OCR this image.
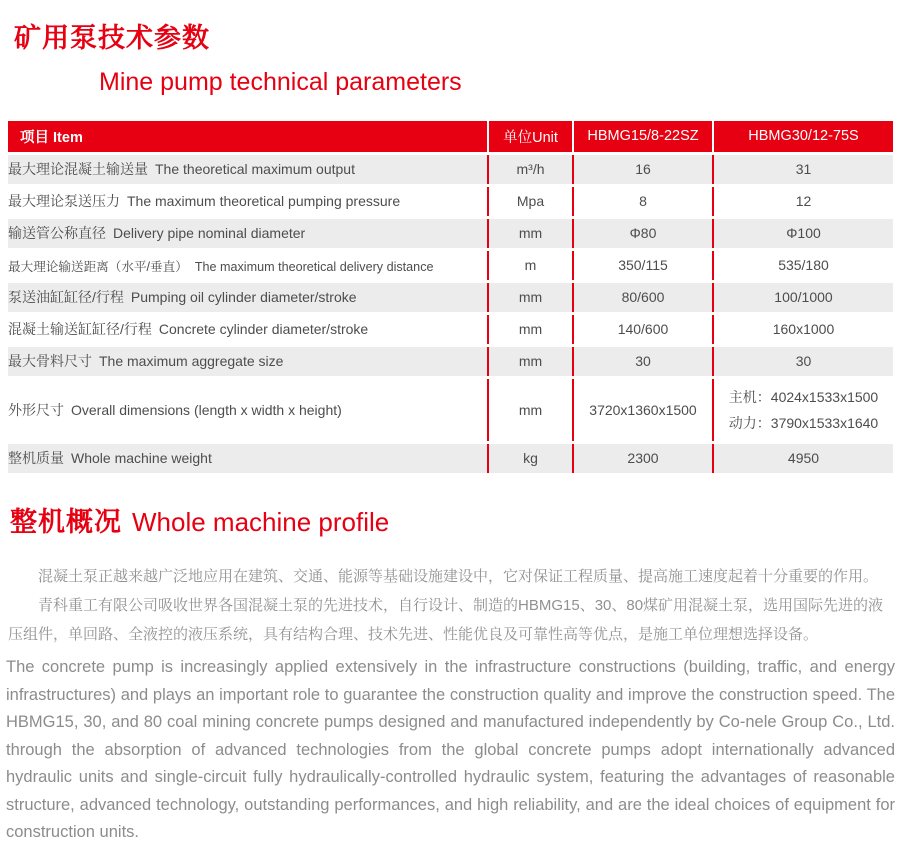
矿用泵技术参数
Mine pump technical parameters
项目 Item	单位Unit	HBMG15/8-22SZ	HBMG30/12-75S
最大理论混凝土输送量 The theoretical maximum output	m³/h	16	31
最大理论泵送压力 The maximum theoretical pumping pressure	Mpa	8	12
输送管公称直径 Delivery pipe nominal diameter	mm	Φ80	Φ100
最大理论输送距离（水平/垂直） The maximum theoretical delivery distance	m	350/115	535/180
泵送油缸缸径/行程 Pumping oil cylinder diameter/stroke	mm	80/600	100/1000
混凝土输送缸缸径/行程 Concrete cylinder diameter/stroke	mm	140/600	160x1000
最大骨料尺寸 The maximum aggregate size	mm	30	30
外形尺寸 Overall dimensions (length x width x height)	mm	3720x1360x1500	主机：4024x1533x1500
动力：3790x1533x1640
整机质量 Whole machine weight	kg	2300	4950
整机概况 Whole machine profile

混凝土泵正越来越广泛地应用在建筑、交通、能源等基础设施建设中，它对保证工程质量、提高施工速度起着十分重要的作用。

青科重工有限公司吸收世界各国混凝土泵的先进技术，自行设计、制造的HBMG15、30、80煤矿用混凝土泵，选用国际先进的液压组件，单回路、全液控的液压系统，具有结构合理、技术先进、性能优良及可靠性高等优点，是施工单位理想选择设备。

The concrete pump is increasingly applied extensively in the infrastructure constructions (building, traffic, and energy infrastructures) and plays an important role to guarantee the construction quality and improve the construction speed. The HBMG15, 30, and 80 coal mining concrete pumps designed and manufactured independently by Co-nele Group Co., Ltd. through the absorption of advanced technologies from the global concrete pumps adopt internationally advanced hydraulic units and single-circuit fully hydraulically-controlled hydraulic system, featuring the advantages of reasonable structure, advanced technology, outstanding performances, and high reliability, and are the ideal choices of equipment for construction units.
